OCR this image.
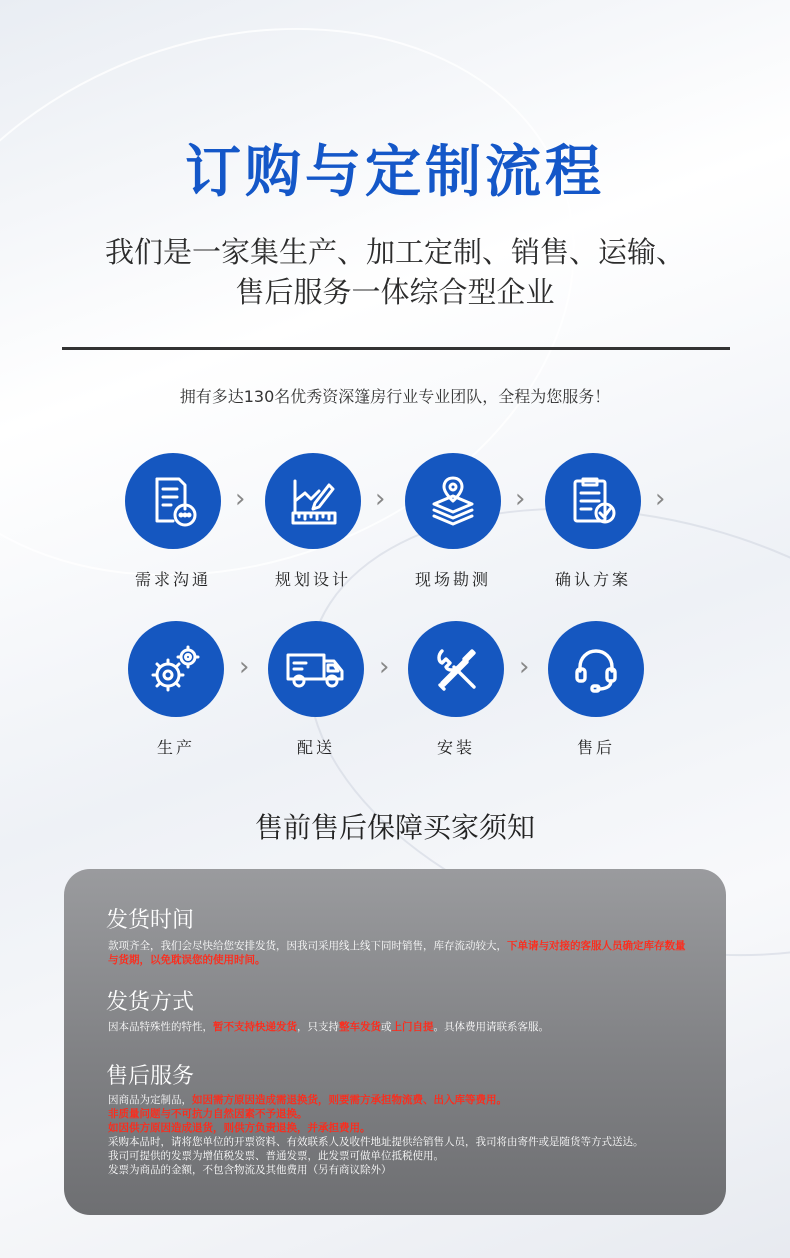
订购与定制流程
我们是一家集生产、加工定制、销售、运输、
售后服务一体综合型企业
拥有多达130名优秀资深篷房行业专业团队，全程为您服务！
需求沟通
›
规划设计
›
现场勘测
›
确认方案
›
生产
›
配送
›
安装
›
售后
售前售后保障买家须知
发货时间
款项齐全，我们会尽快给您安排发货，因我司采用线上线下同时销售，库存流动较大，下单请与对接的客服人员确定库存数量与货期，以免耽误您的使用时间。
发货方式
因本品特殊性的特性，暂不支持快递发货，只支持整车发货或上门自提。具体费用请联系客服。
售后服务
因商品为定制品，如因需方原因造成需退换货，则要需方承担物流费、出入库等费用。
非质量问题与不可抗力自然因素不予退换。
如因供方原因造成退货，则供方负责退换，并承担费用。
采购本品时，请将您单位的开票资料、有效联系人及收件地址提供给销售人员，我司将由寄件或是随货等方式送达。
我司可提供的发票为增值税发票、普通发票，此发票可做单位抵税使用。
发票为商品的金额，不包含物流及其他费用（另有商议除外）
